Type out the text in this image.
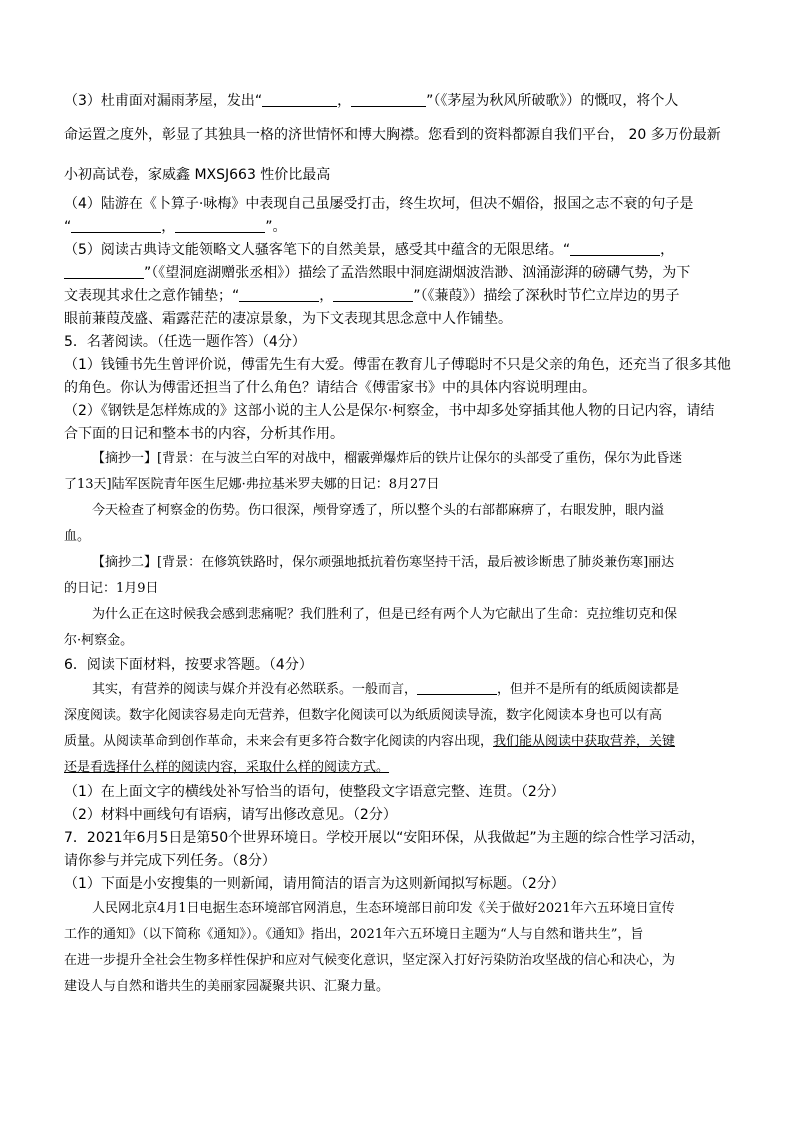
（3）杜甫面对漏雨茅屋，发出“	，	”（《茅屋为秋风所破歌》）的慨叹，将个人

命运置之度外，彰显了其独具一格的济世情怀和博大胸襟。您看到的资料都源自我们平台， 20 多万份最新

小初高试卷，家威鑫 MXSJ663 性价比最高

（4）陆游在《卜算子·咏梅》中表现自己虽屡受打击，终生坎坷，但决不媚俗，报国之志不衰的句子是

“	，	”。

（5）阅读古典诗文能领略文人骚客笔下的自然美景，感受其中蕴含的无限思绪。“	，

”（《望洞庭湖赠张丞相》）描绘了孟浩然眼中洞庭湖烟波浩渺、汹涌澎湃的磅礴气势，为下

文表现其求仕之意作铺垫；“	，	”（《蒹葭》）描绘了深秋时节伫立岸边的男子

眼前蒹葭茂盛、霜露茫茫的凄凉景象，为下文表现其思念意中人作铺垫。

5．名著阅读。（任选一题作答）（4分）

（1）钱锺书先生曾评价说，傅雷先生有大爱。傅雷在教育儿子傅聪时不只是父亲的角色，还充当了很多其他

的角色。你认为傅雷还担当了什么角色？请结合《傅雷家书》中的具体内容说明理由。

（2）《钢铁是怎样炼成的》这部小说的主人公是保尔·柯察金，书中却多处穿插其他人物的日记内容，请结

合下面的日记和整本书的内容，分析其作用。

【摘抄一】[背景：在与波兰白军的对战中，榴霰弹爆炸后的铁片让保尔的头部受了重伤，保尔为此昏迷

了13天]陆军医院青年医生尼娜·弗拉基米罗夫娜的日记：8月27日

今天检查了柯察金的伤势。伤口很深，颅骨穿透了，所以整个头的右部都麻痹了，右眼发肿，眼内溢

血。

【摘抄二】[背景：在修筑铁路时，保尔顽强地抵抗着伤寒坚持干活，最后被诊断患了肺炎兼伤寒]丽达

的日记：1月9日

为什么正在这时候我会感到悲痛呢？我们胜利了，但是已经有两个人为它献出了生命：克拉维切克和保

尔·柯察金。

6．阅读下面材料，按要求答题。（4分）

其实，有营养的阅读与媒介并没有必然联系。一般而言，	，但并不是所有的纸质阅读都是

深度阅读。数字化阅读容易走向无营养，但数字化阅读可以为纸质阅读导流，数字化阅读本身也可以有高

质量。从阅读革命到创作革命，未来会有更多符合数字化阅读的内容出现，我们能从阅读中获取营养，关键

还是看选择什么样的阅读内容，采取什么样的阅读方式。

（1）在上面文字的横线处补写恰当的语句，使整段文字语意完整、连贯。（2分）

（2）材料中画线句有语病，请写出修改意见。（2分）

7．2021年6月5日是第50个世界环境日。学校开展以“安阳环保，从我做起”为主题的综合性学习活动，

请你参与并完成下列任务。（8分）

（1）下面是小安搜集的一则新闻，请用简洁的语言为这则新闻拟写标题。（2分）

人民网北京4月1日电据生态环境部官网消息，生态环境部日前印发《关于做好2021年六五环境日宣传

工作的通知》（以下简称《通知》）。《通知》指出，2021年六五环境日主题为“人与自然和谐共生”，旨

在进一步提升全社会生物多样性保护和应对气候变化意识，坚定深入打好污染防治攻坚战的信心和决心，为

建设人与自然和谐共生的美丽家园凝聚共识、汇聚力量。
